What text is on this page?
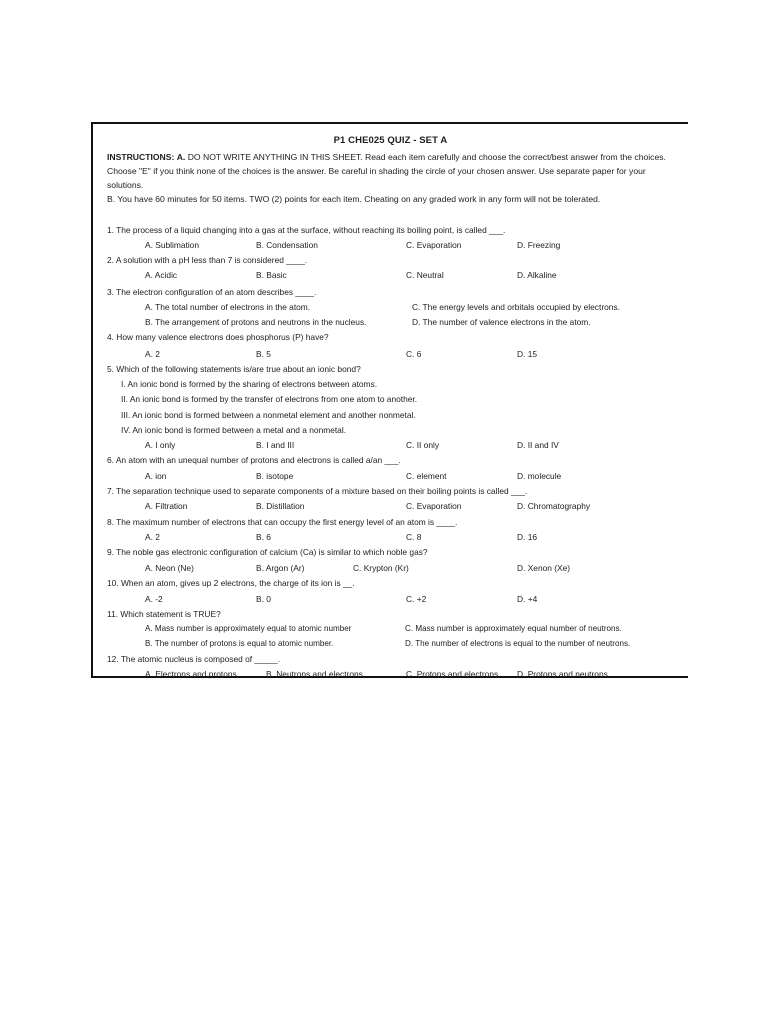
P1 CHE025 QUIZ - SET A

INSTRUCTIONS: A. DO NOT WRITE ANYTHING IN THIS SHEET. Read each item carefully and choose the correct/best answer from the choices. Choose "E" if you think none of the choices is the answer. Be careful in shading the circle of your chosen answer. Use separate paper for your solutions.

B. You have 60 minutes for 50 items. TWO (2) points for each item. Cheating on any graded work in any form will not be tolerated.

1. The process of a liquid changing into a gas at the surface, without reaching its boiling point, is called ___.
A. Sublimation	B. Condensation	C. Evaporation	D. Freezing
2. A solution with a pH less than 7 is considered ____.
A. Acidic	B. Basic	C. Neutral	D. Alkaline
3. The electron configuration of an atom describes ____.
A. The total number of electrons in the atom.	C. The energy levels and orbitals occupied by electrons.
B. The arrangement of protons and neutrons in the nucleus.	D. The number of valence electrons in the atom.
4. How many valence electrons does phosphorus (P) have?
A. 2	B. 5	C. 6	D. 15
5. Which of the following statements is/are true about an ionic bond?
I. An ionic bond is formed by the sharing of electrons between atoms.
II. An ionic bond is formed by the transfer of electrons from one atom to another.
III. An ionic bond is formed between a nonmetal element and another nonmetal.
IV. An ionic bond is formed between a metal and a nonmetal.
A. I only	B. I and III	C. II only	D. II and IV
6. An atom with an unequal number of protons and electrons is called a/an ___.
A. ion	B. isotope	C. element	D. molecule
7. The separation technique used to separate components of a mixture based on their boiling points is called ___.
A. Filtration	B. Distillation	C. Evaporation	D. Chromatography
8. The maximum number of electrons that can occupy the first energy level of an atom is ____.
A. 2	B. 6	C. 8	D. 16
9. The noble gas electronic configuration of calcium (Ca) is similar to which noble gas?
A. Neon (Ne)	B. Argon (Ar)	C. Krypton (Kr)	D. Xenon (Xe)
10. When an atom, gives up 2 electrons, the charge of its ion is __.
A. -2	B. 0	C. +2	D. +4
11. Which statement is TRUE?
A. Mass number is approximately equal to atomic number	C. Mass number is approximately equal number of neutrons.
B. The number of protons is equal to atomic number.	D. The number of electrons is equal to the number of neutrons.
12. The atomic nucleus is composed of _____.
A. Electrons and protons	B. Neutrons and electrons	C. Protons and electrons D. Protons and neutrons
